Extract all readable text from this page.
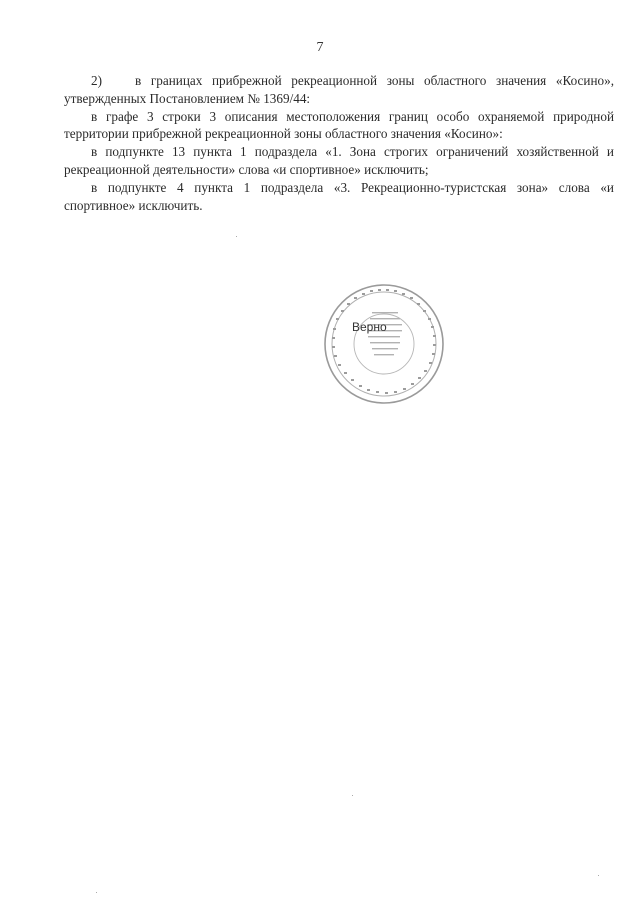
7

2)	в границах прибрежной рекреационной зоны областного значения «Косино», утвержденных Постановлением № 1369/44:

в графе 3 строки 3 описания местоположения границ особо охраняемой природной территории прибрежной рекреационной зоны областного значения «Косино»:

в подпункте 13 пункта 1 подраздела «1. Зона строгих ограничений хозяйственной и рекреационной деятельности» слова «и спортивное» исключить;

в подпункте 4 пункта 1 подраздела «3. Рекреационно-туристская зона» слова «и спортивное» исключить.

Верно
